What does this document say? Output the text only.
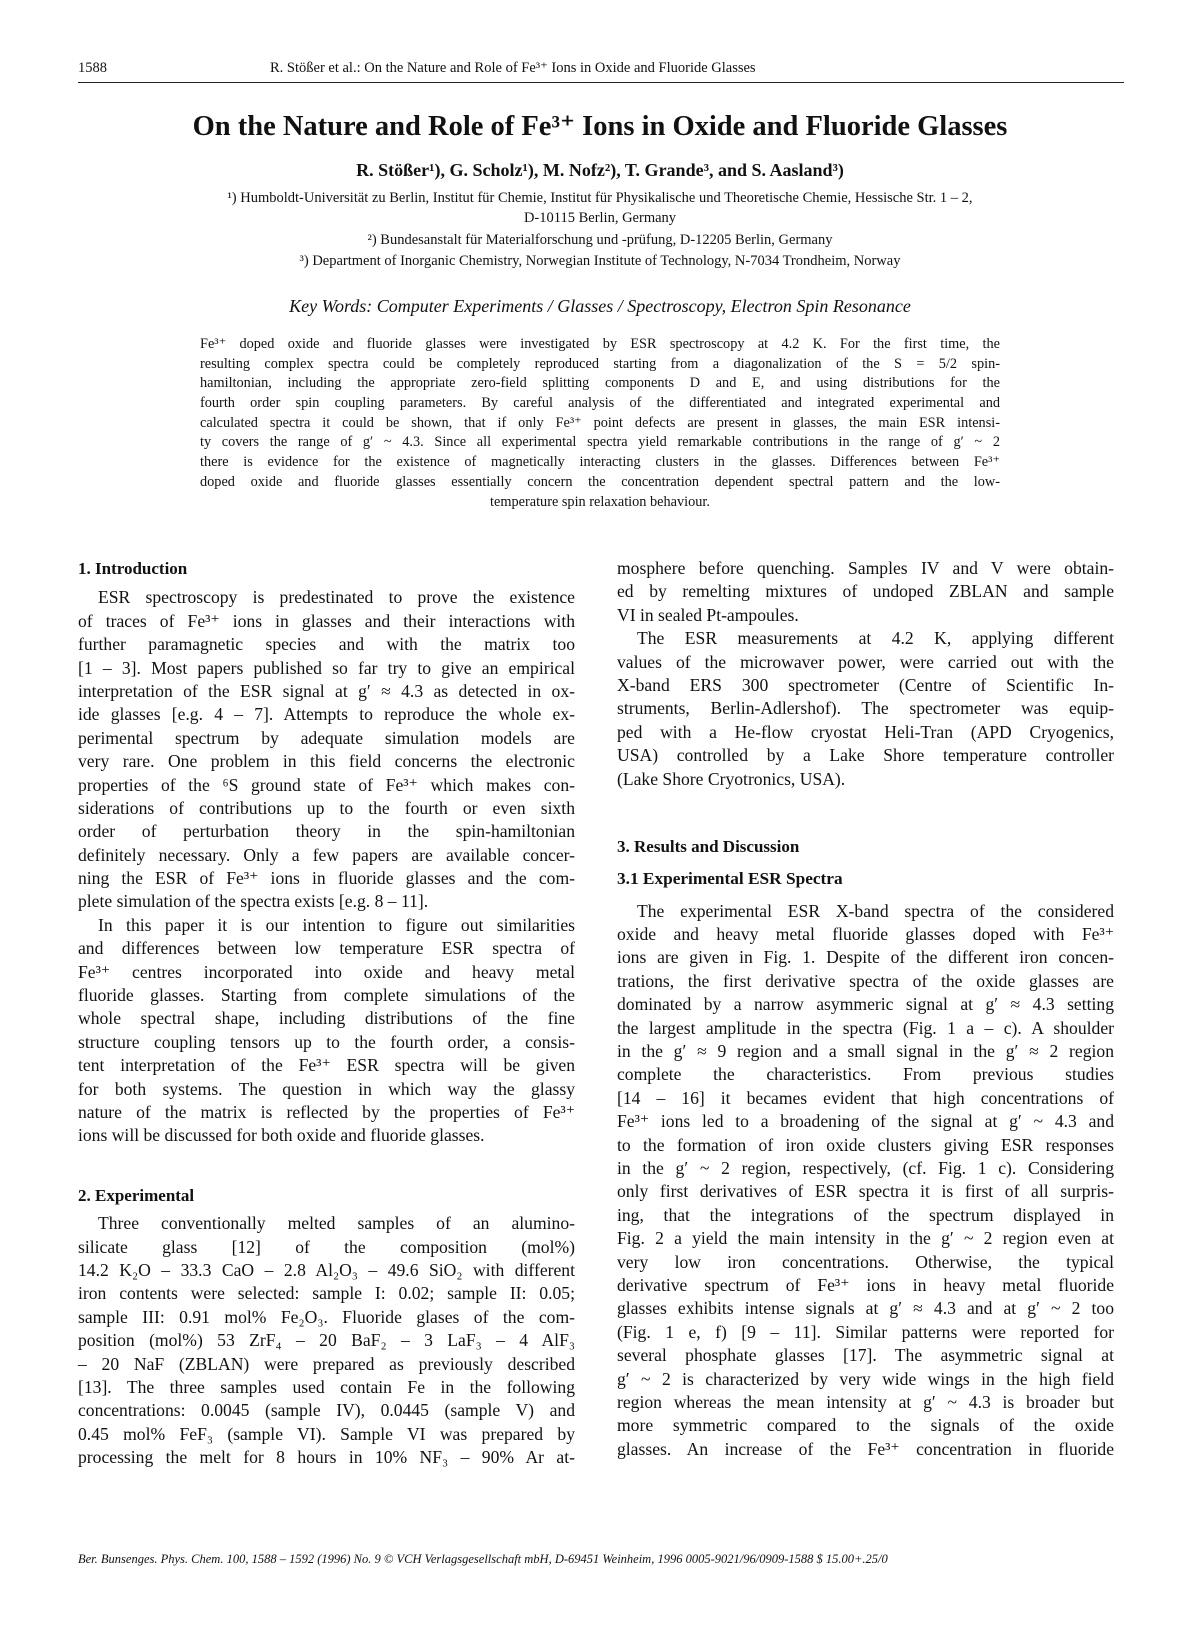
1588	R. Stößer et al.: On the Nature and Role of Fe³⁺ Ions in Oxide and Fluoride Glasses
On the Nature and Role of Fe³⁺ Ions in Oxide and Fluoride Glasses
R. Stößer¹), G. Scholz¹), M. Nofz²), T. Grande³, and S. Aasland³)
¹) Humboldt-Universität zu Berlin, Institut für Chemie, Institut für Physikalische und Theoretische Chemie, Hessische Str. 1 – 2,
D-10115 Berlin, Germany
²) Bundesanstalt für Materialforschung und -prüfung, D-12205 Berlin, Germany
³) Department of Inorganic Chemistry, Norwegian Institute of Technology, N-7034 Trondheim, Norway
Key Words: Computer Experiments / Glasses / Spectroscopy, Electron Spin Resonance
Fe³⁺ doped oxide and fluoride glasses were investigated by ESR spectroscopy at 4.2 K. For the first time, the
resulting complex spectra could be completely reproduced starting from a diagonalization of the S = 5/2 spin-
hamiltonian, including the appropriate zero-field splitting components D and E, and using distributions for the
fourth order spin coupling parameters. By careful analysis of the differentiated and integrated experimental and
calculated spectra it could be shown, that if only Fe³⁺ point defects are present in glasses, the main ESR intensi-
ty covers the range of g′ ~ 4.3. Since all experimental spectra yield remarkable contributions in the range of g′ ~ 2
there is evidence for the existence of magnetically interacting clusters in the glasses. Differences between Fe³⁺
doped oxide and fluoride glasses essentially concern the concentration dependent spectral pattern and the low-
temperature spin relaxation behaviour.
1. Introduction
ESR spectroscopy is predestinated to prove the existence
of traces of Fe³⁺ ions in glasses and their interactions with
further paramagnetic species and with the matrix too
[1 – 3]. Most papers published so far try to give an empirical
interpretation of the ESR signal at g′ ≈ 4.3 as detected in ox-
ide glasses [e.g. 4 – 7]. Attempts to reproduce the whole ex-
perimental spectrum by adequate simulation models are
very rare. One problem in this field concerns the electronic
properties of the ⁶S ground state of Fe³⁺ which makes con-
siderations of contributions up to the fourth or even sixth
order of perturbation theory in the spin-hamiltonian
definitely necessary. Only a few papers are available concer-
ning the ESR of Fe³⁺ ions in fluoride glasses and the com-
plete simulation of the spectra exists [e.g. 8 – 11].
In this paper it is our intention to figure out similarities
and differences between low temperature ESR spectra of
Fe³⁺ centres incorporated into oxide and heavy metal
fluoride glasses. Starting from complete simulations of the
whole spectral shape, including distributions of the fine
structure coupling tensors up to the fourth order, a consis-
tent interpretation of the Fe³⁺ ESR spectra will be given
for both systems. The question in which way the glassy
nature of the matrix is reflected by the properties of Fe³⁺
ions will be discussed for both oxide and fluoride glasses.
2. Experimental
Three conventionally melted samples of an alumino-
silicate glass [12] of the composition (mol%)
14.2 K₂O – 33.3 CaO – 2.8 Al₂O₃ – 49.6 SiO₂ with different
iron contents were selected: sample I: 0.02; sample II: 0.05;
sample III: 0.91 mol% Fe₂O₃. Fluoride glases of the com-
position (mol%) 53 ZrF₄ – 20 BaF₂ – 3 LaF₃ – 4 AlF₃
– 20 NaF (ZBLAN) were prepared as previously described
[13]. The three samples used contain Fe in the following
concentrations: 0.0045 (sample IV), 0.0445 (sample V) and
0.45 mol% FeF₃ (sample VI). Sample VI was prepared by
processing the melt for 8 hours in 10% NF₃ – 90% Ar at-
mosphere before quenching. Samples IV and V were obtain-
ed by remelting mixtures of undoped ZBLAN and sample
VI in sealed Pt-ampoules.
The ESR measurements at 4.2 K, applying different
values of the microwaver power, were carried out with the
X-band ERS 300 spectrometer (Centre of Scientific In-
struments, Berlin-Adlershof). The spectrometer was equip-
ped with a He-flow cryostat Heli-Tran (APD Cryogenics,
USA) controlled by a Lake Shore temperature controller
(Lake Shore Cryotronics, USA).
3. Results and Discussion
3.1 Experimental ESR Spectra
The experimental ESR X-band spectra of the considered
oxide and heavy metal fluoride glasses doped with Fe³⁺
ions are given in Fig. 1. Despite of the different iron concen-
trations, the first derivative spectra of the oxide glasses are
dominated by a narrow asymmeric signal at g′ ≈ 4.3 setting
the largest amplitude in the spectra (Fig. 1 a – c). A shoulder
in the g′ ≈ 9 region and a small signal in the g′ ≈ 2 region
complete the characteristics. From previous studies
[14 – 16] it becames evident that high concentrations of
Fe³⁺ ions led to a broadening of the signal at g′ ~ 4.3 and
to the formation of iron oxide clusters giving ESR responses
in the g′ ~ 2 region, respectively, (cf. Fig. 1 c). Considering
only first derivatives of ESR spectra it is first of all surpris-
ing, that the integrations of the spectrum displayed in
Fig. 2 a yield the main intensity in the g′ ~ 2 region even at
very low iron concentrations. Otherwise, the typical
derivative spectrum of Fe³⁺ ions in heavy metal fluoride
glasses exhibits intense signals at g′ ≈ 4.3 and at g′ ~ 2 too
(Fig. 1 e, f) [9 – 11]. Similar patterns were reported for
several phosphate glasses [17]. The asymmetric signal at
g′ ~ 2 is characterized by very wide wings in the high field
region whereas the mean intensity at g′ ~ 4.3 is broader but
more symmetric compared to the signals of the oxide
glasses. An increase of the Fe³⁺ concentration in fluoride
Ber. Bunsenges. Phys. Chem. 100, 1588 – 1592 (1996) No. 9 © VCH Verlagsgesellschaft mbH, D-69451 Weinheim, 1996 0005-9021/96/0909-1588 $ 15.00+.25/0
